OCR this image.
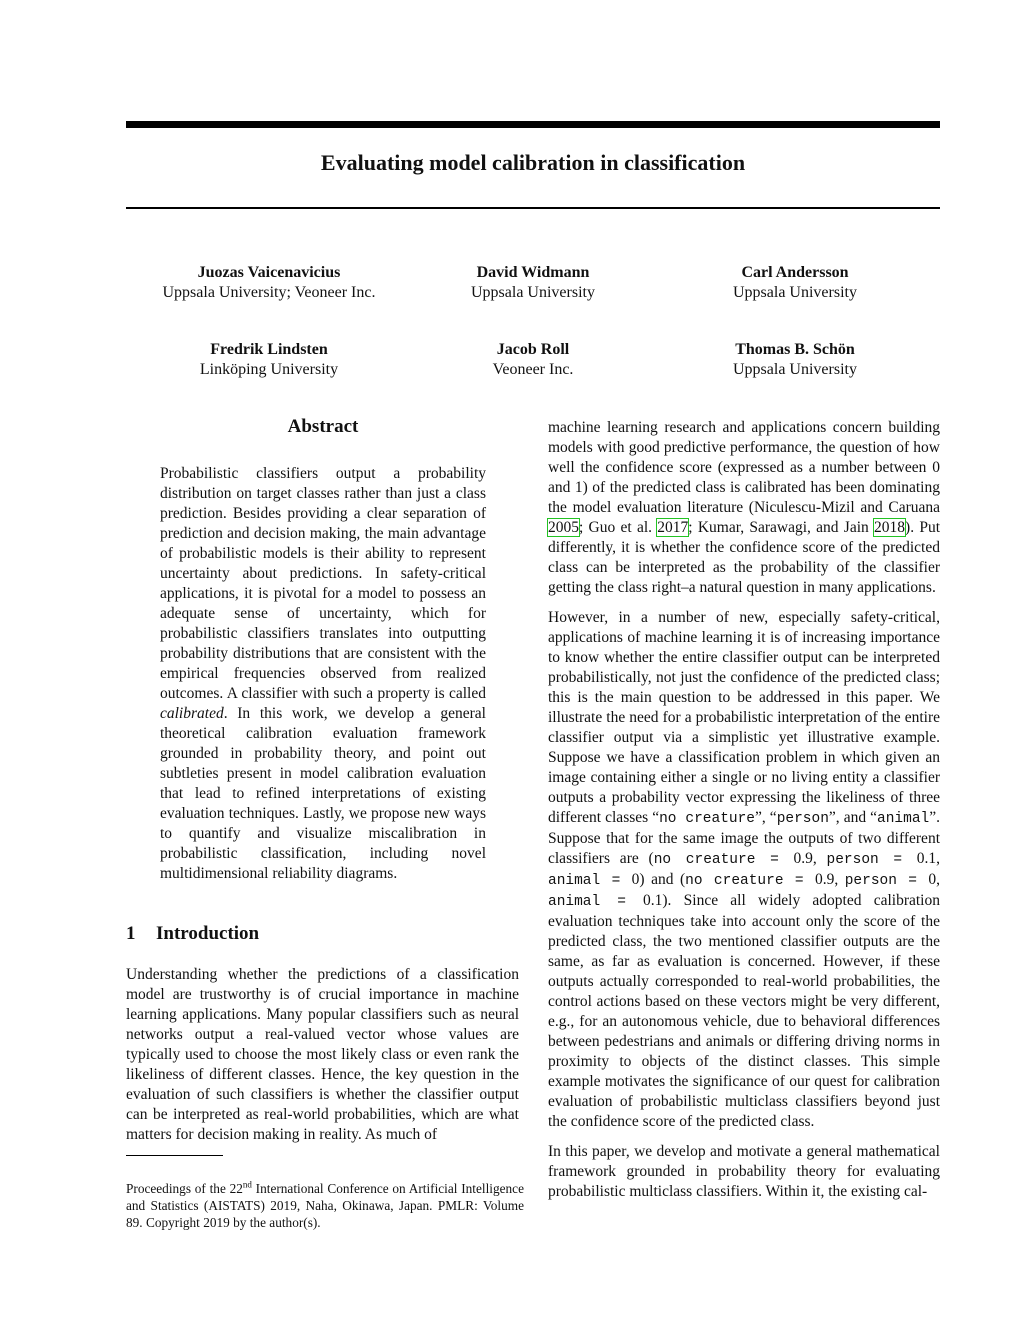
Evaluating model calibration in classification
Juozas Vaicenavicius
Uppsala University; Veoneer Inc.
David Widmann
Uppsala University
Carl Andersson
Uppsala University
Fredrik Lindsten
Linköping University
Jacob Roll
Veoneer Inc.
Thomas B. Schön
Uppsala University
Abstract

Probabilistic classifiers output a probability distribution on target classes rather than just a class prediction. Besides providing a clear separation of prediction and decision making, the main advantage of probabilistic models is their ability to represent uncertainty about predictions. In safety-critical applications, it is pivotal for a model to possess an adequate sense of uncertainty, which for probabilistic classifiers translates into outputting probability distributions that are consistent with the empirical frequencies observed from realized outcomes. A classifier with such a property is called calibrated. In this work, we develop a general theoretical calibration evaluation framework grounded in probability theory, and point out subtleties present in model calibration evaluation that lead to refined interpretations of existing evaluation techniques. Lastly, we propose new ways to quantify and visualize miscalibration in probabilistic classification, including novel multidimensional reliability diagrams.

1 Introduction

Understanding whether the predictions of a classification model are trustworthy is of crucial importance in machine learning applications. Many popular classifiers such as neural networks output a real-valued vector whose values are typically used to choose the most likely class or even rank the likeliness of different classes. Hence, the key question in the evaluation of such classifiers is whether the classifier output can be interpreted as real-world probabilities, which are what matters for decision making in reality. As much of

Proceedings of the 22nd International Conference on Artificial Intelligence and Statistics (AISTATS) 2019, Naha, Okinawa, Japan. PMLR: Volume 89. Copyright 2019 by the author(s).

machine learning research and applications concern building models with good predictive performance, the question of how well the confidence score (expressed as a number between 0 and 1) of the predicted class is calibrated has been dominating the model evaluation literature (Niculescu-Mizil and Caruana 2005; Guo et al. 2017; Kumar, Sarawagi, and Jain 2018). Put differently, it is whether the confidence score of the predicted class can be interpreted as the probability of the classifier getting the class right–a natural question in many applications.

However, in a number of new, especially safety-critical, applications of machine learning it is of increasing importance to know whether the entire classifier output can be interpreted probabilistically, not just the confidence of the predicted class; this is the main question to be addressed in this paper. We illustrate the need for a probabilistic interpretation of the entire classifier output via a simplistic yet illustrative example. Suppose we have a classification problem in which given an image containing either a single or no living entity a classifier outputs a probability vector expressing the likeliness of three different classes “no creature”, “person”, and “animal”. Suppose that for the same image the outputs of two different classifiers are (no creature = 0.9, person = 0.1, animal = 0) and (no creature = 0.9, person = 0, animal = 0.1). Since all widely adopted calibration evaluation techniques take into account only the score of the predicted class, the two mentioned classifier outputs are the same, as far as evaluation is concerned. However, if these outputs actually corresponded to real-world probabilities, the control actions based on these vectors might be very different, e.g., for an autonomous vehicle, due to behavioral differences between pedestrians and animals or differing driving norms in proximity to objects of the distinct classes. This simple example motivates the significance of our quest for calibration evaluation of probabilistic multiclass classifiers beyond just the confidence score of the predicted class.

In this paper, we develop and motivate a general mathematical framework grounded in probability theory for evaluating probabilistic multiclass classifiers. Within it, the existing cal-
